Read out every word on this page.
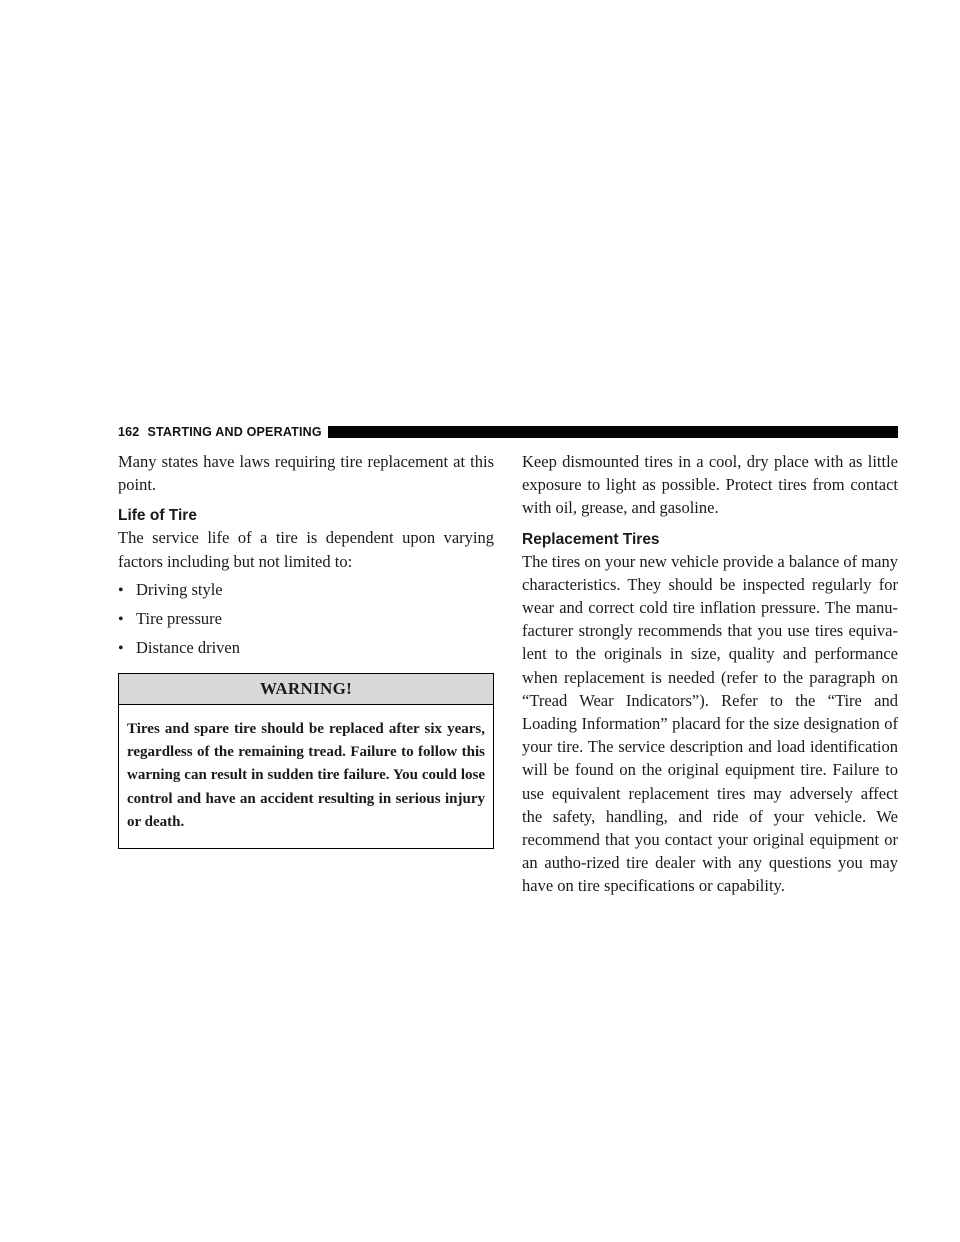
162 STARTING AND OPERATING

Many states have laws requiring tire replacement at this point.

Life of Tire

The service life of a tire is dependent upon varying factors including but not limited to:

• Driving style
• Tire pressure
• Distance driven
WARNING!
Tires and spare tire should be replaced after six years, regardless of the remaining tread. Failure to follow this warning can result in sudden tire failure. You could lose control and have an accident resulting in serious injury or death.

Keep dismounted tires in a cool, dry place with as little exposure to light as possible. Protect tires from contact with oil, grease, and gasoline.

Replacement Tires

The tires on your new vehicle provide a balance of many characteristics. They should be inspected regularly for wear and correct cold tire inflation pressure. The manu-facturer strongly recommends that you use tires equiva-lent to the originals in size, quality and performance when replacement is needed (refer to the paragraph on “Tread Wear Indicators”). Refer to the “Tire and Loading Information” placard for the size designation of your tire. The service description and load identification will be found on the original equipment tire. Failure to use equivalent replacement tires may adversely affect the safety, handling, and ride of your vehicle. We recommend that you contact your original equipment or an autho-rized tire dealer with any questions you may have on tire specifications or capability.
